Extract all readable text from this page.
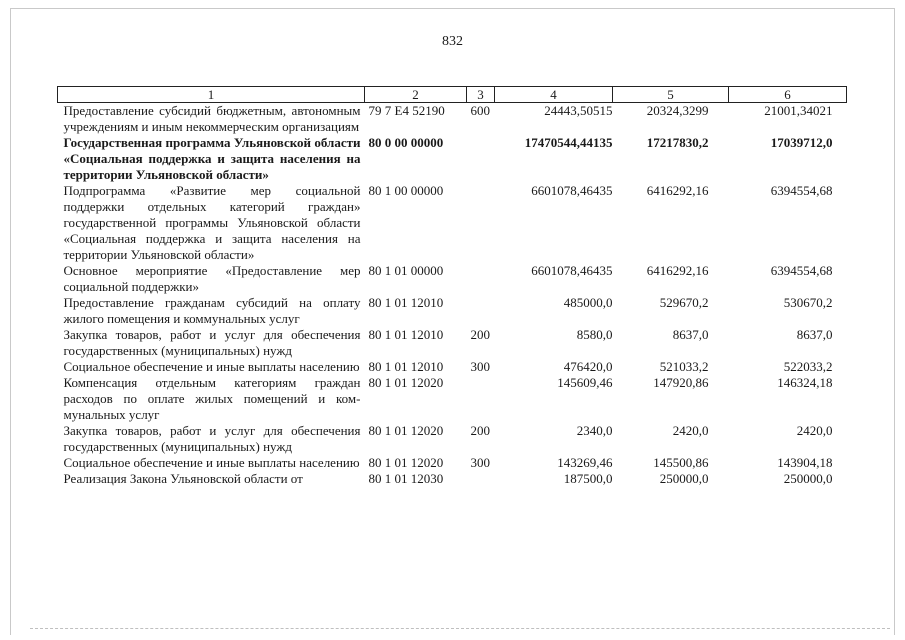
832
1	2	3	4	5	6
Предоставление субсидий бюджетным, автономным учреждениям и иным некоммерческим организациям	79 7 E4 52190	600	24443,50515	20324,3299	21001,34021
Государственная программа Ульяновской области «Социальная поддержка и защита населения на территории Ульяновской области»	80 0 00 00000		17470544,44135	17217830,2	17039712,0
Подпрограмма «Развитие мер социальной поддержки отдельных категорий граждан» государственной программы Ульяновской области «Социальная поддержка и защита населения на территории Ульяновской области»	80 1 00 00000		6601078,46435	6416292,16	6394554,68
Основное мероприятие «Предоставление мер социальной поддержки»	80 1 01 00000		6601078,46435	6416292,16	6394554,68
Предоставление гражданам субсидий на оплату жилого помещения и коммунальных услуг	80 1 01 12010		485000,0	529670,2	530670,2
Закупка товаров, работ и услуг для обеспечения государственных (муниципальных) нужд	80 1 01 12010	200	8580,0	8637,0	8637,0
Социальное обеспечение и иные выплаты населению	80 1 01 12010	300	476420,0	521033,2	522033,2
Компенсация отдельным категориям граждан расходов по оплате жилых помещений и коммунальных услуг	80 1 01 12020		145609,46	147920,86	146324,18
Закупка товаров, работ и услуг для обеспечения государственных (муниципальных) нужд	80 1 01 12020	200	2340,0	2420,0	2420,0
Социальное обеспечение и иные выплаты населению	80 1 01 12020	300	143269,46	145500,86	143904,18
Реализация Закона Ульяновской области от	80 1 01 12030		187500,0	250000,0	250000,0
